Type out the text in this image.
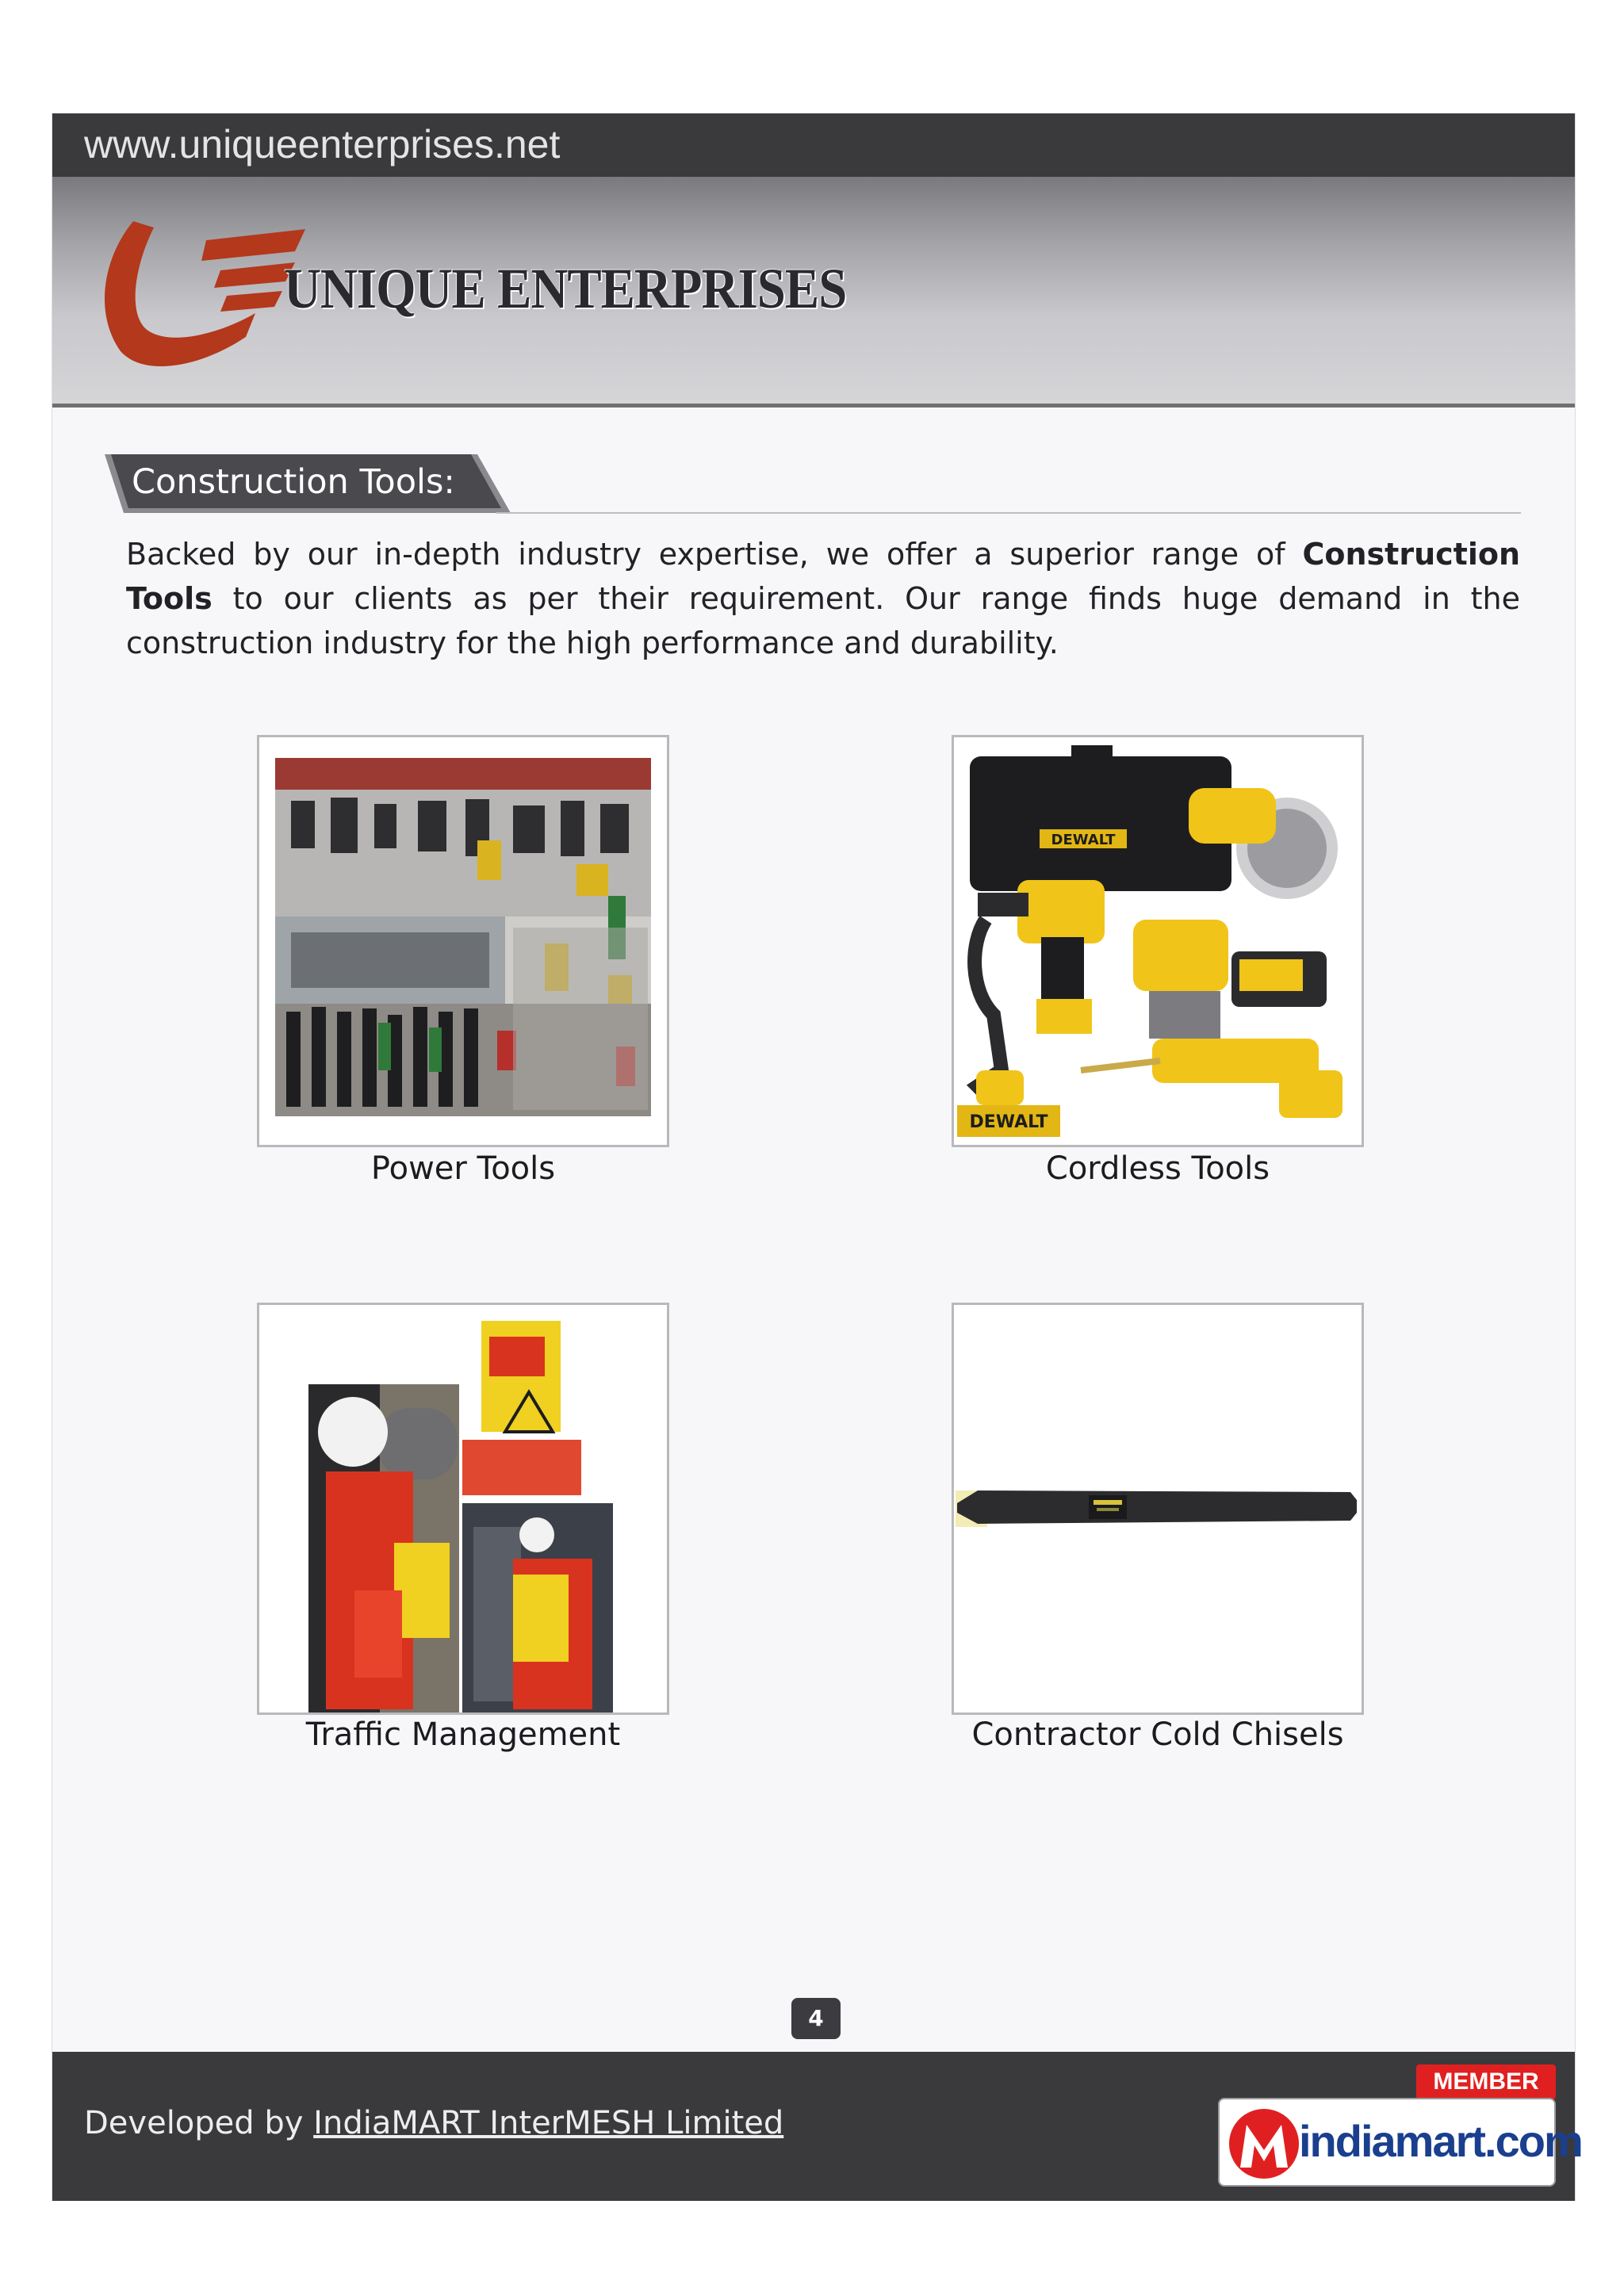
www.uniqueenterprises.net
UNIQUE ENTERPRISES
Construction Tools:

Backed by our in-depth industry expertise, we offer a superior range of Construction Tools to our clients as per their requirement. Our range finds huge demand in the construction industry for the high performance and durability.

Power Tools
DEWALT
DEWALT
Cordless Tools
Traffic Management	Contractor Cold Chisels
4
Developed by IndiaMART InterMESH Limited
MEMBER
indiamart.com
